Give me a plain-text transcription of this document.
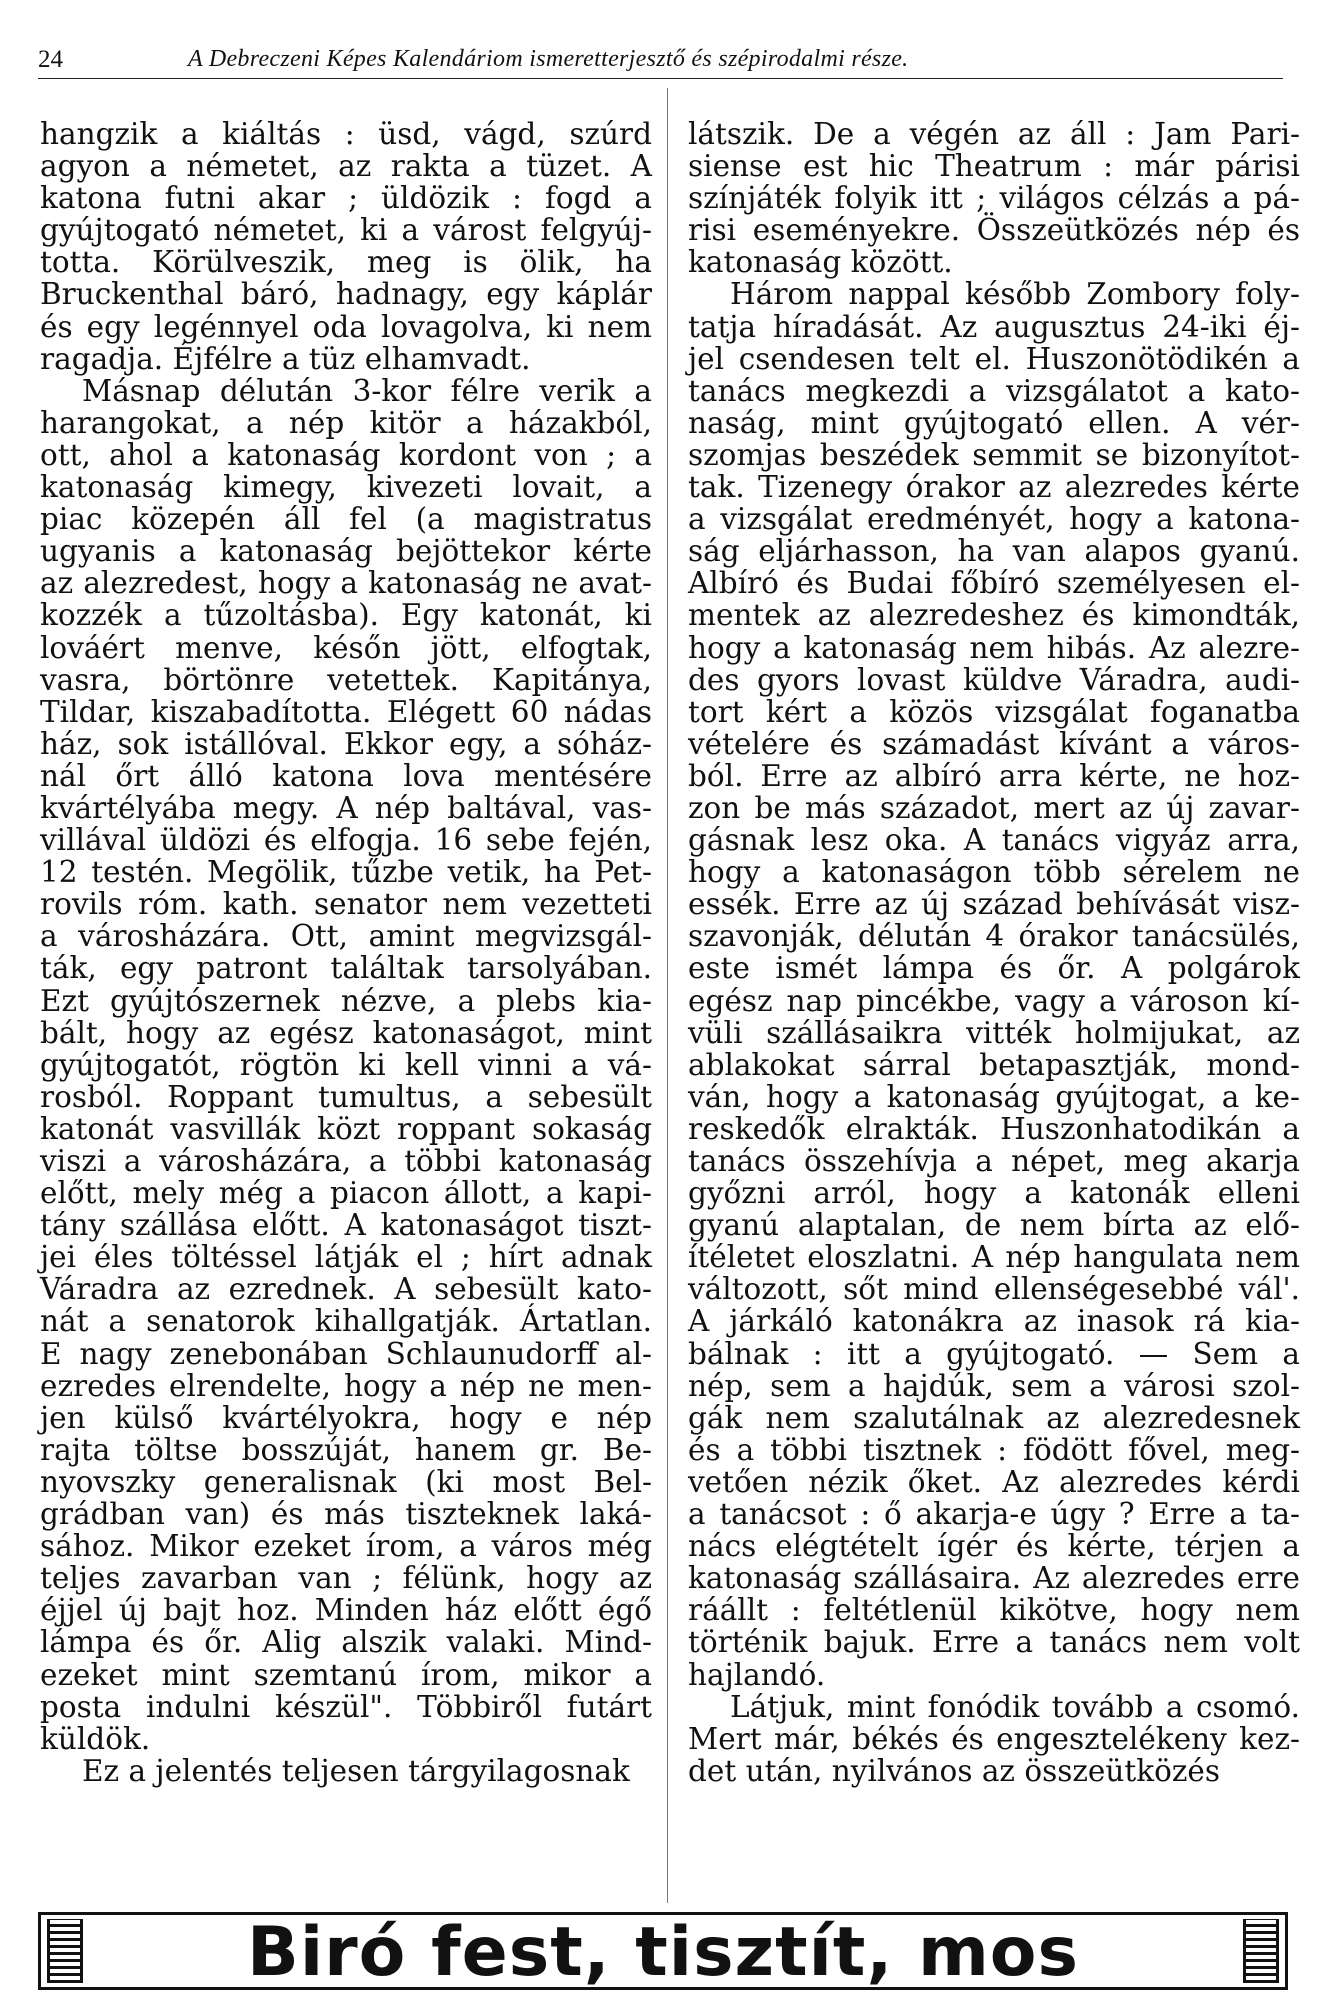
24	A Debreczeni Képes Kalendáriom ismeretterjesztő és szépirodalmi része.
hangzik a kiáltás : üsd, vágd, szúrd
agyon a németet, az rakta a tüzet. A
katona futni akar ; üldözik : fogd a
gyújtogató németet, ki a várost felgyúj-
totta. Körülveszik, meg is ölik, ha
Bruckenthal báró, hadnagy, egy káplár
és egy legénnyel oda lovagolva, ki nem
ragadja. Éjfélre a tüz elhamvadt.
Másnap délután 3-kor félre verik a
harangokat, a nép kitör a házakból,
ott, ahol a katonaság kordont von ; a
katonaság kimegy, kivezeti lovait, a
piac közepén áll fel (a magistratus
ugyanis a katonaság bejöttekor kérte
az alezredest, hogy a katonaság ne avat-
kozzék a tűzoltásba). Egy katonát, ki
lováért menve, későn jött, elfogtak,
vasra, börtönre vetettek. Kapitánya,
Tildar, kiszabadította. Elégett 60 nádas
ház, sok istállóval. Ekkor egy, a sóház-
nál őrt álló katona lova mentésére
kvártélyába megy. A nép baltával, vas-
villával üldözi és elfogja. 16 sebe fején,
12 testén. Megölik, tűzbe vetik, ha Pet-
rovils róm. kath. senator nem vezetteti
a városházára. Ott, amint megvizsgál-
ták, egy patront találtak tarsolyában.
Ezt gyújtószernek nézve, a plebs kia-
bált, hogy az egész katonaságot, mint
gyújtogatót, rögtön ki kell vinni a vá-
rosból. Roppant tumultus, a sebesült
katonát vasvillák közt roppant sokaság
viszi a városházára, a többi katonaság
előtt, mely még a piacon állott, a kapi-
tány szállása előtt. A katonaságot tiszt-
jei éles töltéssel látják el ; hírt adnak
Váradra az ezrednek. A sebesült kato-
nát a senatorok kihallgatják. Ártatlan.
E nagy zenebonában Schlaunudorff al-
ezredes elrendelte, hogy a nép ne men-
jen külső kvártélyokra, hogy e nép
rajta töltse bosszúját, hanem gr. Be-
nyovszky generalisnak (ki most Bel-
grádban van) és más tiszteknek laká-
sához. Mikor ezeket írom, a város még
teljes zavarban van ; félünk, hogy az
éjjel új bajt hoz. Minden ház előtt égő
lámpa és őr. Alig alszik valaki. Mind-
ezeket mint szemtanú írom, mikor a
posta indulni készül". Többiről futárt
küldök.
Ez a jelentés teljesen tárgyilagosnak
látszik. De a végén az áll : Jam Pari-
siense est hic Theatrum : már párisi
színjáték folyik itt ; világos célzás a pá-
risi eseményekre. Összeütközés nép és
katonaság között.
Három nappal később Zombory foly-
tatja híradását. Az augusztus 24-iki éj-
jel csendesen telt el. Huszonötödikén a
tanács megkezdi a vizsgálatot a kato-
naság, mint gyújtogató ellen. A vér-
szomjas beszédek semmit se bizonyítot-
tak. Tizenegy órakor az alezredes kérte
a vizsgálat eredményét, hogy a katona-
ság eljárhasson, ha van alapos gyanú.
Albíró és Budai főbíró személyesen el-
mentek az alezredeshez és kimondták,
hogy a katonaság nem hibás. Az alezre-
des gyors lovast küldve Váradra, audi-
tort kért a közös vizsgálat foganatba
vételére és számadást kívánt a város-
ból. Erre az albíró arra kérte, ne hoz-
zon be más századot, mert az új zavar-
gásnak lesz oka. A tanács vigyáz arra,
hogy a katonaságon több sérelem ne
essék. Erre az új század behívását visz-
szavonják, délután 4 órakor tanácsülés,
este ismét lámpa és őr. A polgárok
egész nap pincékbe, vagy a városon kí-
vüli szállásaikra vitték holmijukat, az
ablakokat sárral betapasztják, mond-
ván, hogy a katonaság gyújtogat, a ke-
reskedők elrakták. Huszonhatodikán a
tanács összehívja a népet, meg akarja
győzni arról, hogy a katonák elleni
gyanú alaptalan, de nem bírta az elő-
ítéletet eloszlatni. A nép hangulata nem
változott, sőt mind ellenségesebbé vál'.
A járkáló katonákra az inasok rá kia-
bálnak : itt a gyújtogató. — Sem a
nép, sem a hajdúk, sem a városi szol-
gák nem szalutálnak az alezredesnek
és a többi tisztnek : födött fővel, meg-
vetően nézik őket. Az alezredes kérdi
a tanácsot : ő akarja-e úgy ? Erre a ta-
nács elégtételt ígér és kérte, térjen a
katonaság szállásaira. Az alezredes erre
ráállt : feltétlenül kikötve, hogy nem
történik bajuk. Erre a tanács nem volt
hajlandó.
Látjuk, mint fonódik tovább a csomó.
Mert már, békés és engesztelékeny kez-
det után, nyilvános az összeütközés
Biró fest, tisztít, mos
